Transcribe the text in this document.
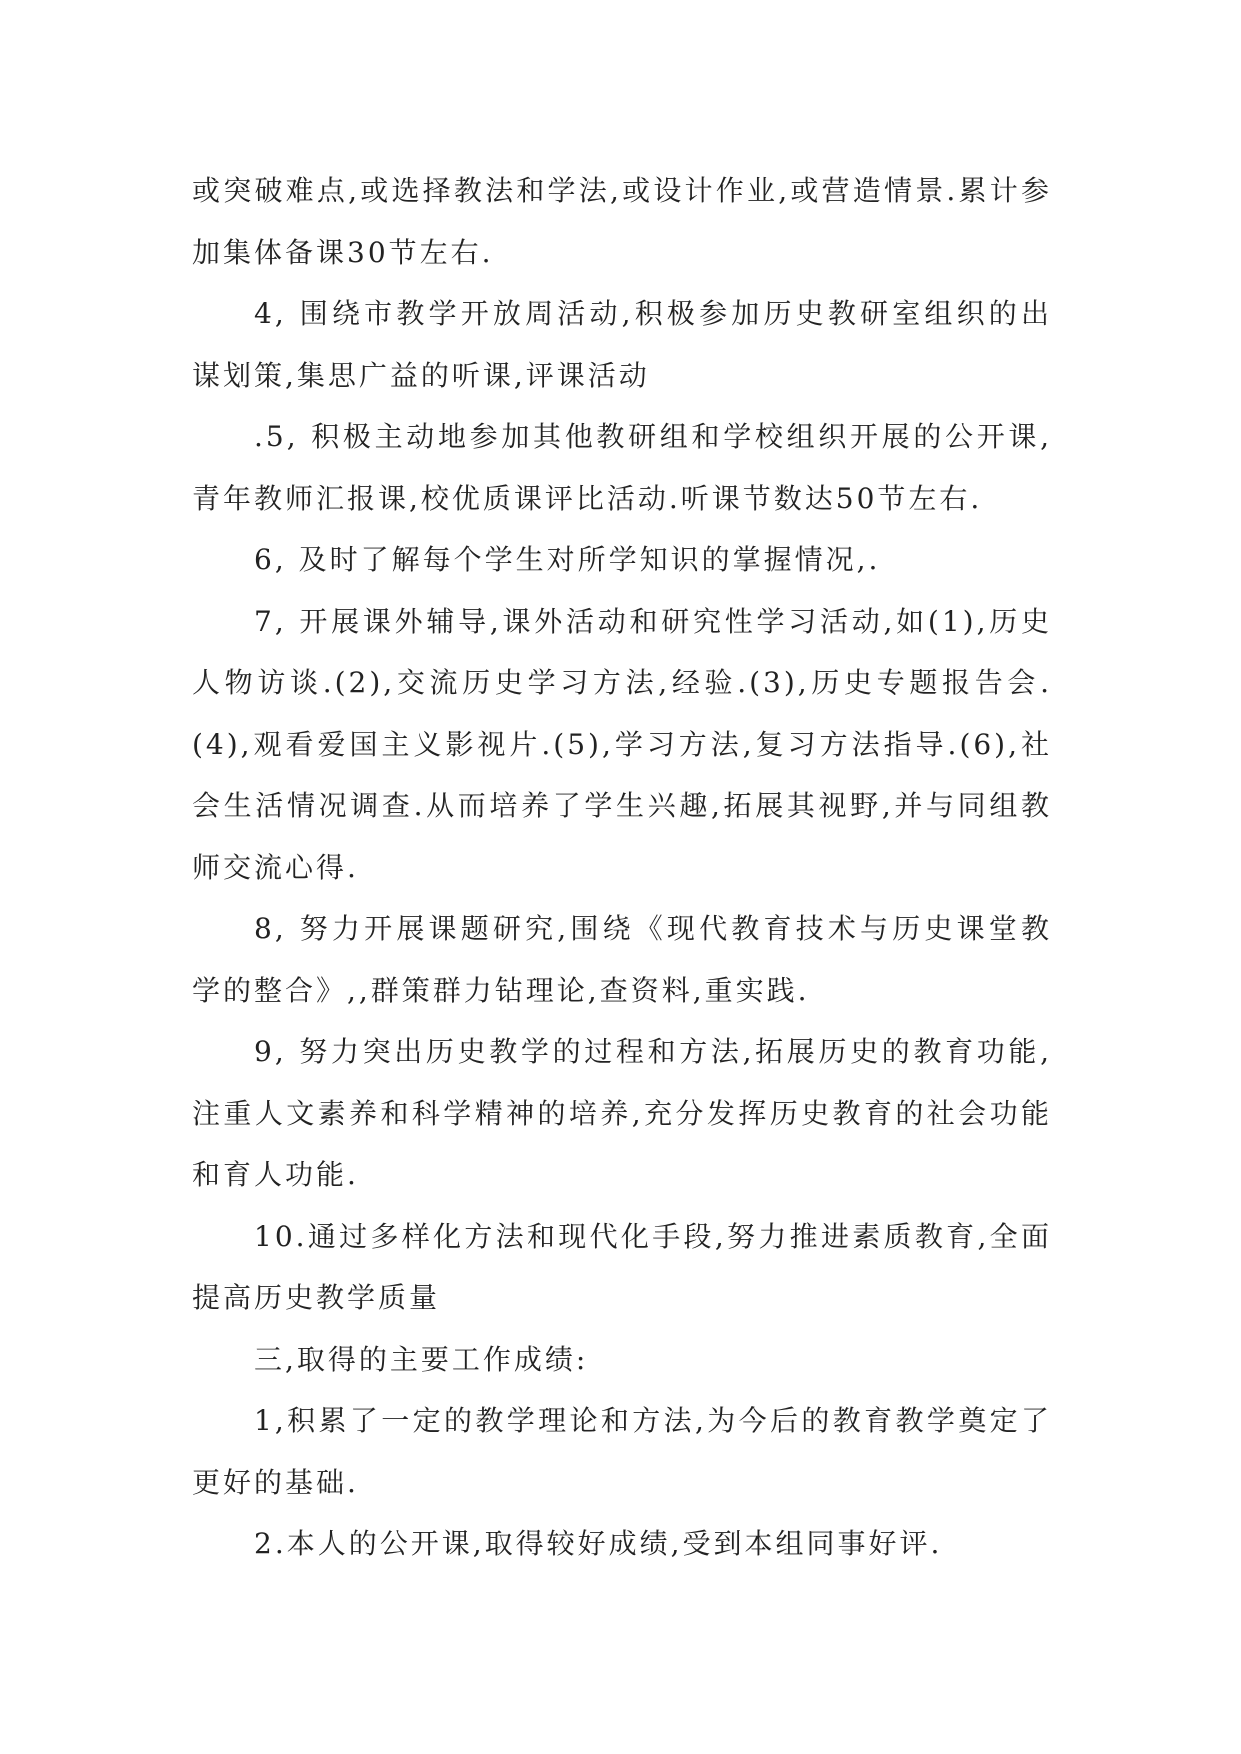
或突破难点,或选择教法和学法,或设计作业,或营造情景.累计参加集体备课30节左右.

4, 围绕市教学开放周活动,积极参加历史教研室组织的出谋划策,集思广益的听课,评课活动

.5, 积极主动地参加其他教研组和学校组织开展的公开课,青年教师汇报课,校优质课评比活动.听课节数达50节左右.

6, 及时了解每个学生对所学知识的掌握情况,.

7, 开展课外辅导,课外活动和研究性学习活动,如(1),历史人物访谈.(2),交流历史学习方法,经验.(3),历史专题报告会.(4),观看爱国主义影视片.(5),学习方法,复习方法指导.(6),社会生活情况调查.从而培养了学生兴趣,拓展其视野,并与同组教师交流心得.

8, 努力开展课题研究,围绕《现代教育技术与历史课堂教学的整合》,,群策群力钻理论,查资料,重实践.

9, 努力突出历史教学的过程和方法,拓展历史的教育功能,注重人文素养和科学精神的培养,充分发挥历史教育的社会功能和育人功能.

10.通过多样化方法和现代化手段,努力推进素质教育,全面提高历史教学质量

三,取得的主要工作成绩:

1,积累了一定的教学理论和方法,为今后的教育教学奠定了更好的基础.

2.本人的公开课,取得较好成绩,受到本组同事好评.
